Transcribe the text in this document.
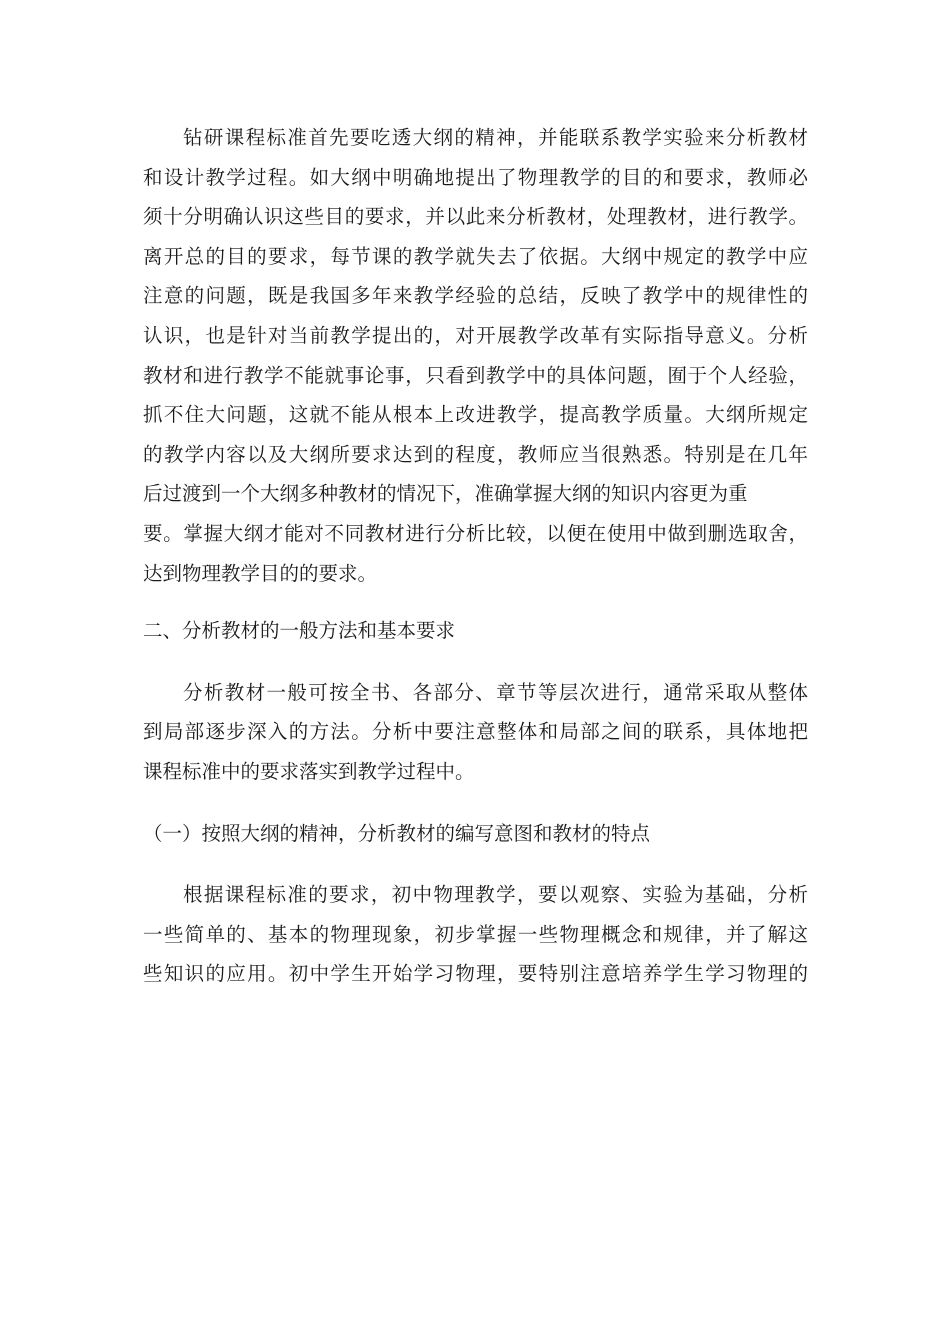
钻研课程标准首先要吃透大纲的精神，并能联系教学实验来分析教材
和设计教学过程。如大纲中明确地提出了物理教学的目的和要求，教师必
须十分明确认识这些目的要求，并以此来分析教材，处理教材，进行教学。
离开总的目的要求，每节课的教学就失去了依据。大纲中规定的教学中应
注意的问题，既是我国多年来教学经验的总结，反映了教学中的规律性的
认识，也是针对当前教学提出的，对开展教学改革有实际指导意义。分析
教材和进行教学不能就事论事，只看到教学中的具体问题，囿于个人经验，
抓不住大问题，这就不能从根本上改进教学，提高教学质量。大纲所规定
的教学内容以及大纲所要求达到的程度，教师应当很熟悉。特别是在几年
后过渡到一个大纲多种教材的情况下，准确掌握大纲的知识内容更为重
要。掌握大纲才能对不同教材进行分析比较，以便在使用中做到删选取舍，
达到物理教学目的的要求。
二、分析教材的一般方法和基本要求
分析教材一般可按全书、各部分、章节等层次进行，通常采取从整体
到局部逐步深入的方法。分析中要注意整体和局部之间的联系，具体地把
课程标准中的要求落实到教学过程中。
（一）按照大纲的精神，分析教材的编写意图和教材的特点
根据课程标准的要求，初中物理教学，要以观察、实验为基础，分析
一些简单的、基本的物理现象，初步掌握一些物理概念和规律，并了解这
些知识的应用。初中学生开始学习物理，要特别注意培养学生学习物理的
